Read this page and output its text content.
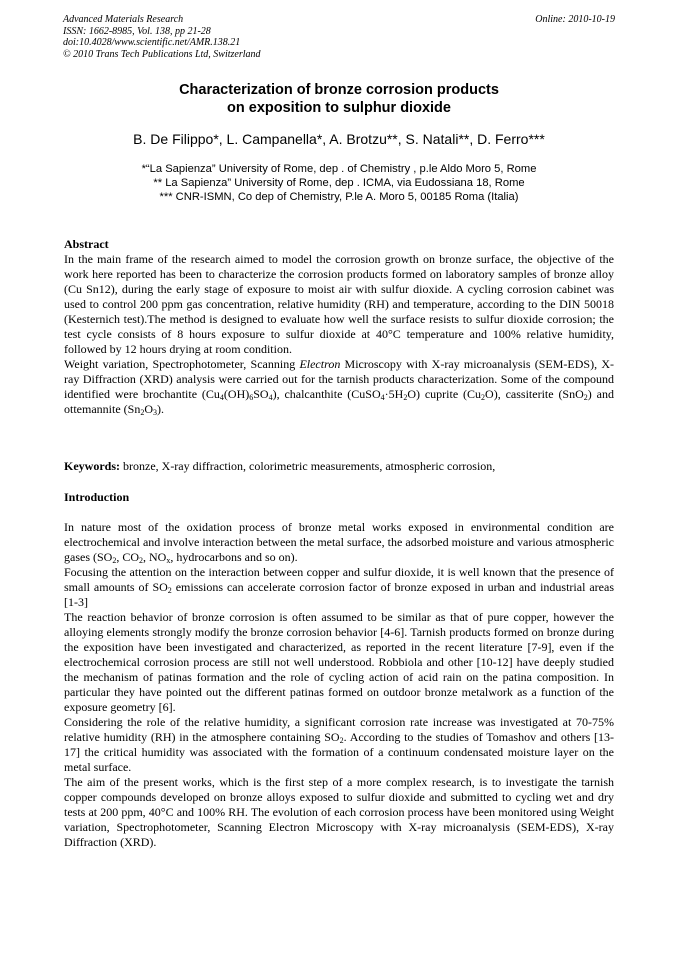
Advanced Materials Research
ISSN: 1662-8985, Vol. 138, pp 21-28
doi:10.4028/www.scientific.net/AMR.138.21
© 2010 Trans Tech Publications Ltd, Switzerland
Online: 2010-10-19
Characterization of bronze corrosion products
on exposition to sulphur dioxide
B. De Filippo*, L. Campanella*, A. Brotzu**, S. Natali**, D. Ferro***
*“La Sapienza” University of Rome, dep . of Chemistry , p.le Aldo Moro 5, Rome
** La Sapienza” University of Rome, dep . ICMA, via Eudossiana 18, Rome
*** CNR-ISMN, Co dep of Chemistry, P.le A. Moro 5, 00185 Roma (Italia)
Abstract

In the main frame of the research aimed to model the corrosion growth on bronze surface, the objective of the work here reported has been to characterize the corrosion products formed on laboratory samples of bronze alloy (Cu Sn12), during the early stage of exposure to moist air with sulfur dioxide. A cycling corrosion cabinet was used to control 200 ppm gas concentration, relative humidity (RH) and temperature, according to the DIN 50018 (Kesternich test).The method is designed to evaluate how well the surface resists to sulfur dioxide corrosion; the test cycle consists of 8 hours exposure to sulfur dioxide at 40°C temperature and 100% relative humidity, followed by 12 hours drying at room condition.

Weight variation, Spectrophotometer, Scanning Electron Microscopy with X-ray microanalysis (SEM-EDS), X-ray Diffraction (XRD) analysis were carried out for the tarnish products characterization. Some of the compound identified were brochantite $(Cu_4(OH)_6SO_4)$, chalcanthite $(CuSO_4\cdot 5H_2O)$ cuprite $(Cu_2O)$, cassiterite (SnO$_2$) and ottemannite $(Sn_2O_3)$.

Keywords: bronze, X-ray diffraction, colorimetric measurements, atmospheric corrosion,

Introduction

In nature most of the oxidation process of bronze metal works exposed in environmental condition are electrochemical and involve interaction between the metal surface, the adsorbed moisture and various atmospheric gases ($SO_2$, $CO_2$, $NO_x$, hydrocarbons and so on).

Focusing the attention on the interaction between copper and sulfur dioxide, it is well known that the presence of small amounts of $SO_2$ emissions can accelerate corrosion factor of bronze exposed in urban and industrial areas [1-3]

The reaction behavior of bronze corrosion is often assumed to be similar as that of pure copper, however the alloying elements strongly modify the bronze corrosion behavior [4-6]. Tarnish products formed on bronze during the exposition have been investigated and characterized, as reported in the recent literature [7-9], even if the electrochemical corrosion process are still not well understood. Robbiola and other [10-12] have deeply studied the mechanism of patinas formation and the role of cycling action of acid rain on the patina composition. In particular they have pointed out the different patinas formed on outdoor bronze metalwork as a function of the exposure geometry [6].

Considering the role of the relative humidity, a significant corrosion rate increase was investigated at 70-75% relative humidity (RH) in the atmosphere containing $SO_2$. According to the studies of Tomashov and others [13-17] the critical humidity was associated with the formation of a continuum condensated moisture layer on the metal surface.

The aim of the present works, which is the first step of a more complex research, is to investigate the tarnish copper compounds developed on bronze alloys exposed to sulfur dioxide and submitted to cycling wet and dry tests at 200 ppm, 40°C and 100% RH. The evolution of each corrosion process have been monitored using Weight variation, Spectrophotometer, Scanning Electron Microscopy with X-ray microanalysis (SEM-EDS), X-ray Diffraction (XRD).
